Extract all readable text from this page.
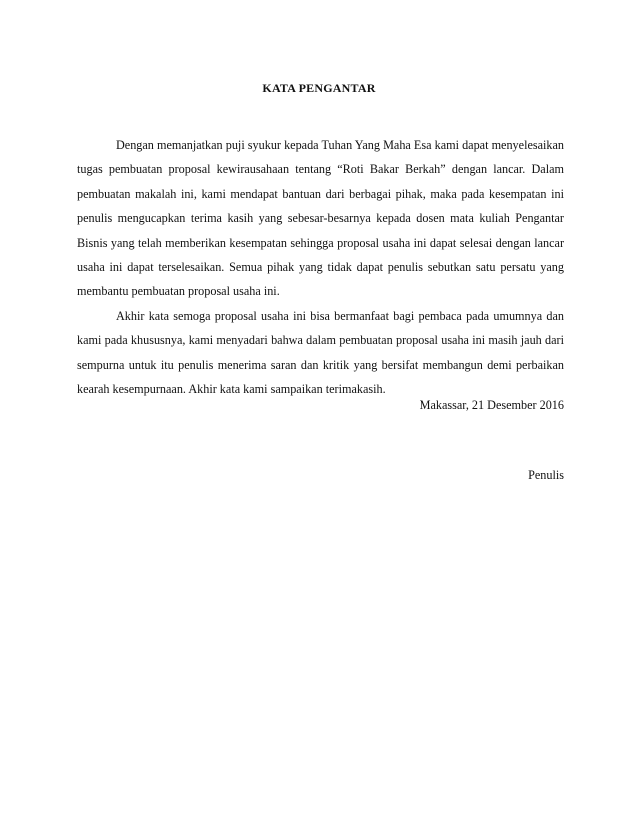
KATA PENGANTAR

Dengan memanjatkan puji syukur kepada Tuhan Yang Maha Esa kami dapat menyelesaikan tugas pembuatan proposal kewirausahaan tentang “Roti Bakar Berkah” dengan lancar. Dalam pembuatan makalah ini, kami mendapat bantuan dari berbagai pihak, maka pada kesempatan ini penulis mengucapkan terima kasih yang sebesar-besarnya kepada dosen mata kuliah Pengantar Bisnis yang telah memberikan kesempatan sehingga proposal usaha ini dapat selesai dengan lancar usaha ini dapat terselesaikan. Semua pihak yang tidak dapat penulis sebutkan satu persatu yang membantu pembuatan proposal usaha ini.

Akhir kata semoga proposal usaha ini bisa bermanfaat bagi pembaca pada umumnya dan kami pada khususnya, kami menyadari bahwa dalam pembuatan proposal usaha ini masih jauh dari sempurna untuk itu penulis menerima saran dan kritik yang bersifat membangun demi perbaikan kearah kesempurnaan. Akhir kata kami sampaikan terimakasih.

Makassar, 21 Desember 2016
Penulis
